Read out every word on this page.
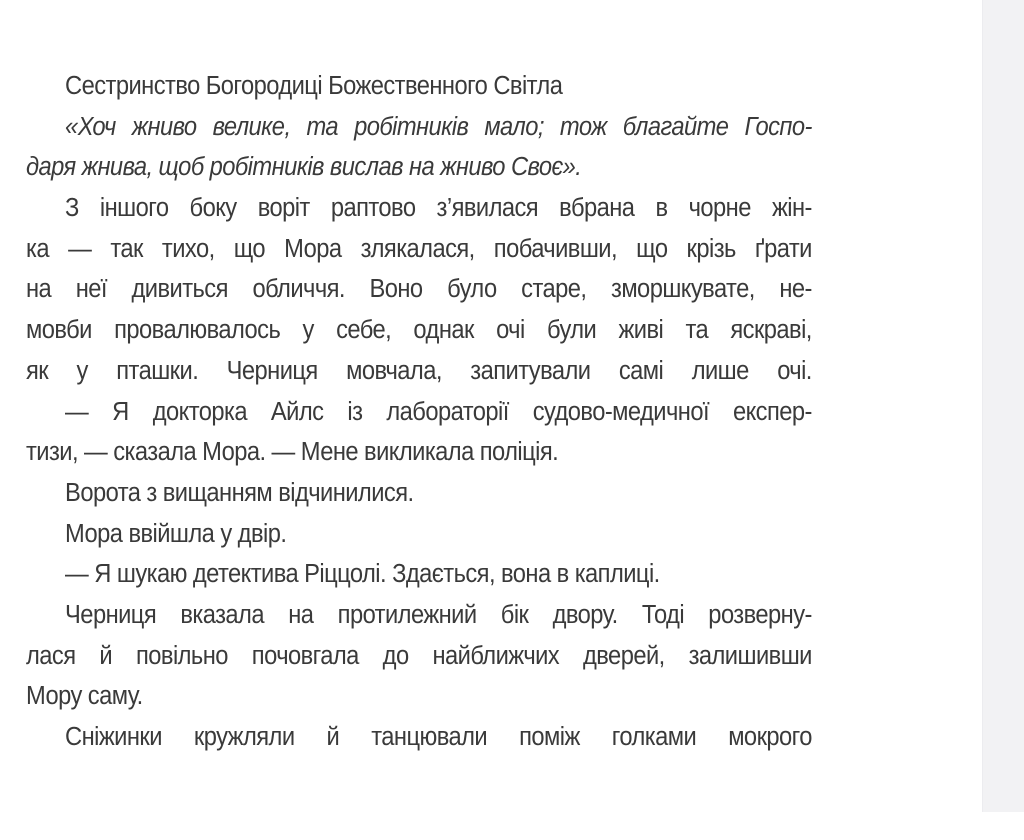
Сестринство Богородиці Божественного Світла
«Хоч жниво велике, та робітників мало; тож благайте Госпо-
даря жнива, щоб робітників вислав на жниво Своє».
З іншого боку воріт раптово з’явилася вбрана в чорне жін-
ка — так тихо, що Мора злякалася, побачивши, що крізь ґрати
на неї дивиться обличчя. Воно було старе, зморшкувате, не-
мовби провалювалось у себе, однак очі були живі та яскраві,
як у пташки. Черниця мовчала, запитували самі лише очі.
— Я докторка Айлс із лабораторії судово-медичної експер-
тизи, — сказала Мора. — Мене викликала поліція.
Ворота з вищанням відчинилися.
Мора ввійшла у двір.
— Я шукаю детектива Ріццолі. Здається, вона в каплиці.
Черниця вказала на протилежний бік двору. Тоді розверну-
лася й повільно почовгала до найближчих дверей, залишивши
Мору саму.
Сніжинки кружляли й танцювали поміж голками мокрого
